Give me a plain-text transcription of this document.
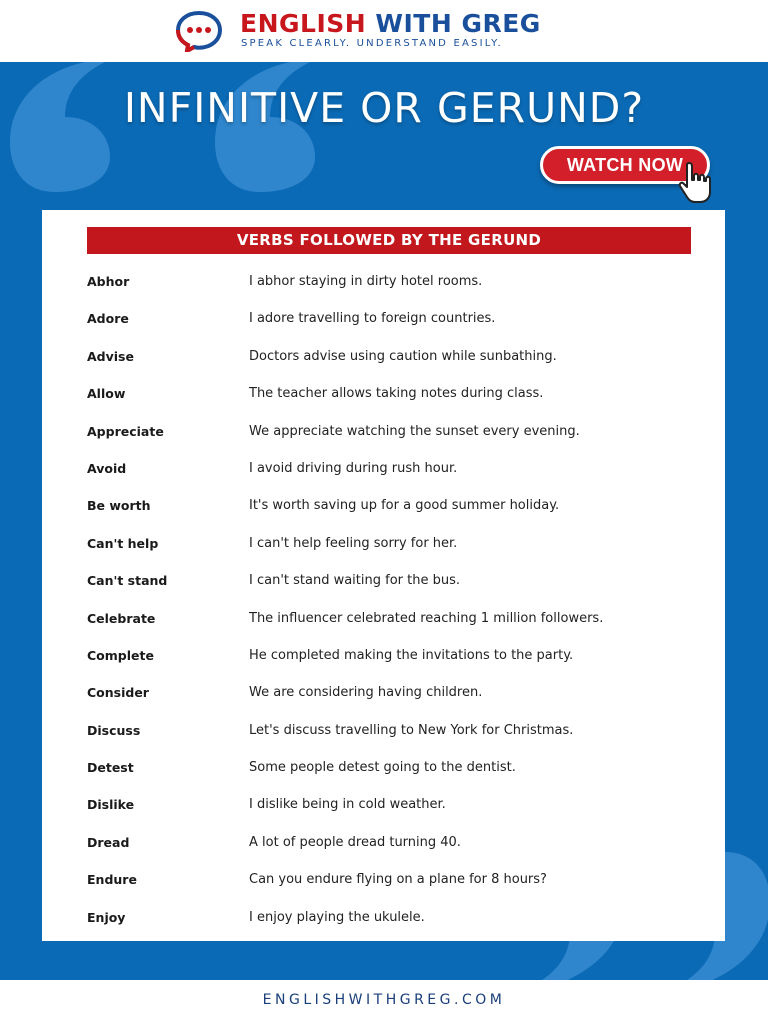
ENGLISH WITH GREG
SPEAK CLEARLY. UNDERSTAND EASILY.
INFINITIVE OR GERUND?
WATCH NOW
VERBS FOLLOWED BY THE GERUND
Abhor	I abhor staying in dirty hotel rooms.
Adore	I adore travelling to foreign countries.
Advise	Doctors advise using caution while sunbathing.
Allow	The teacher allows taking notes during class.
Appreciate	We appreciate watching the sunset every evening.
Avoid	I avoid driving during rush hour.
Be worth	It's worth saving up for a good summer holiday.
Can't help	I can't help feeling sorry for her.
Can't stand	I can't stand waiting for the bus.
Celebrate	The influencer celebrated reaching 1 million followers.
Complete	He completed making the invitations to the party.
Consider	We are considering having children.
Discuss	Let's discuss travelling to New York for Christmas.
Detest	Some people detest going to the dentist.
Dislike	I dislike being in cold weather.
Dread	A lot of people dread turning 40.
Endure	Can you endure flying on a plane for 8 hours?
Enjoy	I enjoy playing the ukulele.
ENGLISHWITHGREG.COM
